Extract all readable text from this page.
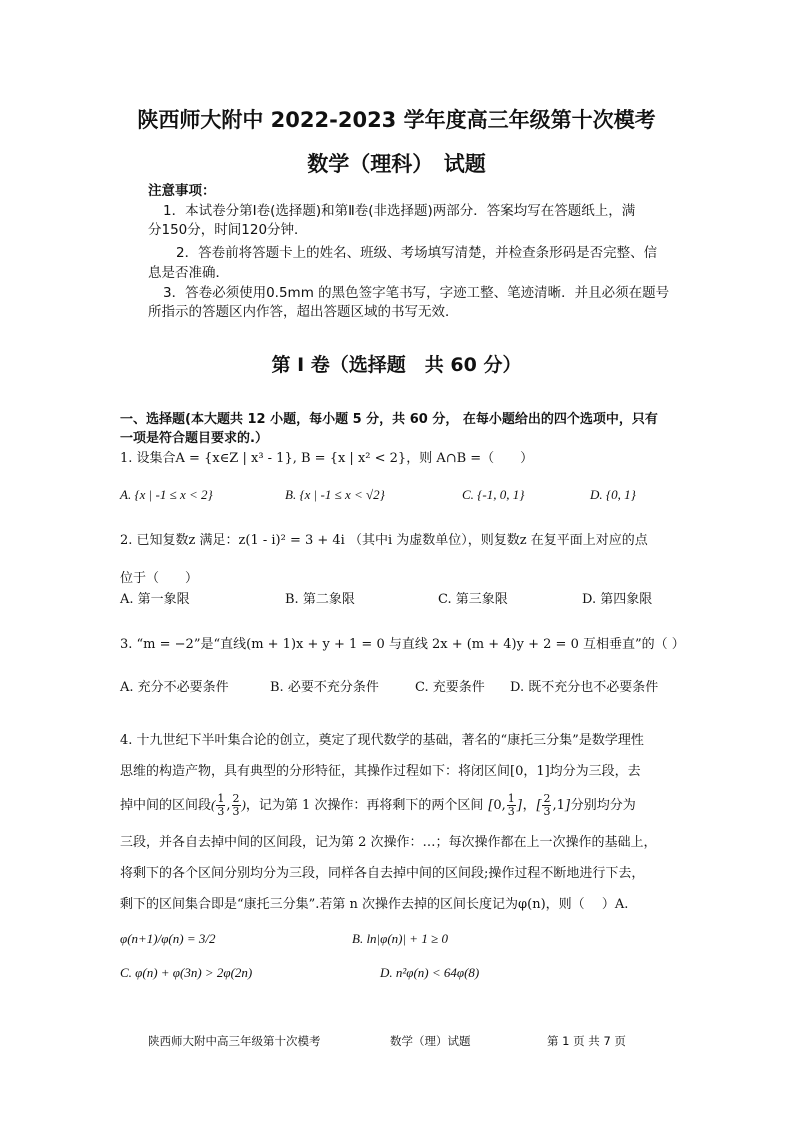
陕西师大附中 2022-2023 学年度高三年级第十次模考
数学（理科）　试题
注意事项：
1．本试卷分第Ⅰ卷(选择题)和第Ⅱ卷(非选择题)两部分．答案均写在答题纸上，满
分150分，时间120分钟．
2．答卷前将答题卡上的姓名、班级、考场填写清楚，并检查条形码是否完整、信
息是否准确．
3．答卷必须使用0.5mm 的黑色签字笔书写，字迹工整、笔迹清晰．并且必须在题号
所指示的答题区内作答，超出答题区域的书写无效．
第 Ⅰ 卷（选择题　共 60 分）
一、选择题(本大题共 12 小题，每小题 5 分，共 60 分， 在每小题给出的四个选项中，只有
一项是符合题目要求的.）
1. 设集合A = {x∈Z | x³ - 1}, B = {x | x² < 2}，则 A∩B =（　　）
A. {x | -1 ≤ x < 2}	B. {x | -1 ≤ x < √2}	C. {-1, 0, 1}	D. {0, 1}
2. 已知复数z 满足：z(1 - i)² = 3 + 4i （其中i 为虚数单位），则复数z 在复平面上对应的点
位于（　　）
A. 第一象限	B. 第二象限	C. 第三象限	D. 第四象限
3. “m = −2”是“直线(m + 1)x + y + 1 = 0 与直线 2x + (m + 4)y + 2 = 0 互相垂直”的（ ）
A. 充分不必要条件	B. 必要不充分条件	C. 充要条件 D. 既不充分也不必要条件
4. 十九世纪下半叶集合论的创立，奠定了现代数学的基础，著名的“康托三分集”是数学理性
思维的构造产物，具有典型的分形特征，其操作过程如下：将闭区间[0，1]均分为三段，去
掉中间的区间段( $\frac{1}{3}$ , $\frac{2}{3}$ )，记为第 1 次操作：再将剩下的两个区间 [0, $\frac{1}{3}$ ]，[ $\frac{2}{3} ,1$]分别均分为
三段，并各自去掉中间的区间段，记为第 2 次操作：…；每次操作都在上一次操作的基础上，
将剩下的各个区间分别均分为三段，同样各自去掉中间的区间段;操作过程不断地进行下去，
剩下的区间集合即是“康托三分集”.若第 n 次操作去掉的区间长度记为φ(n)，则（　 ）A.
φ(n+1)/φ(n) = 3/2	B. ln|φ(n)| + 1 ≥ 0
C. φ(n) + φ(3n) > 2φ(2n)	D. n²φ(n) < 64φ(8)
陕西师大附中高三年级第十次模考	数学（理）试题	第 1 页 共 7 页
